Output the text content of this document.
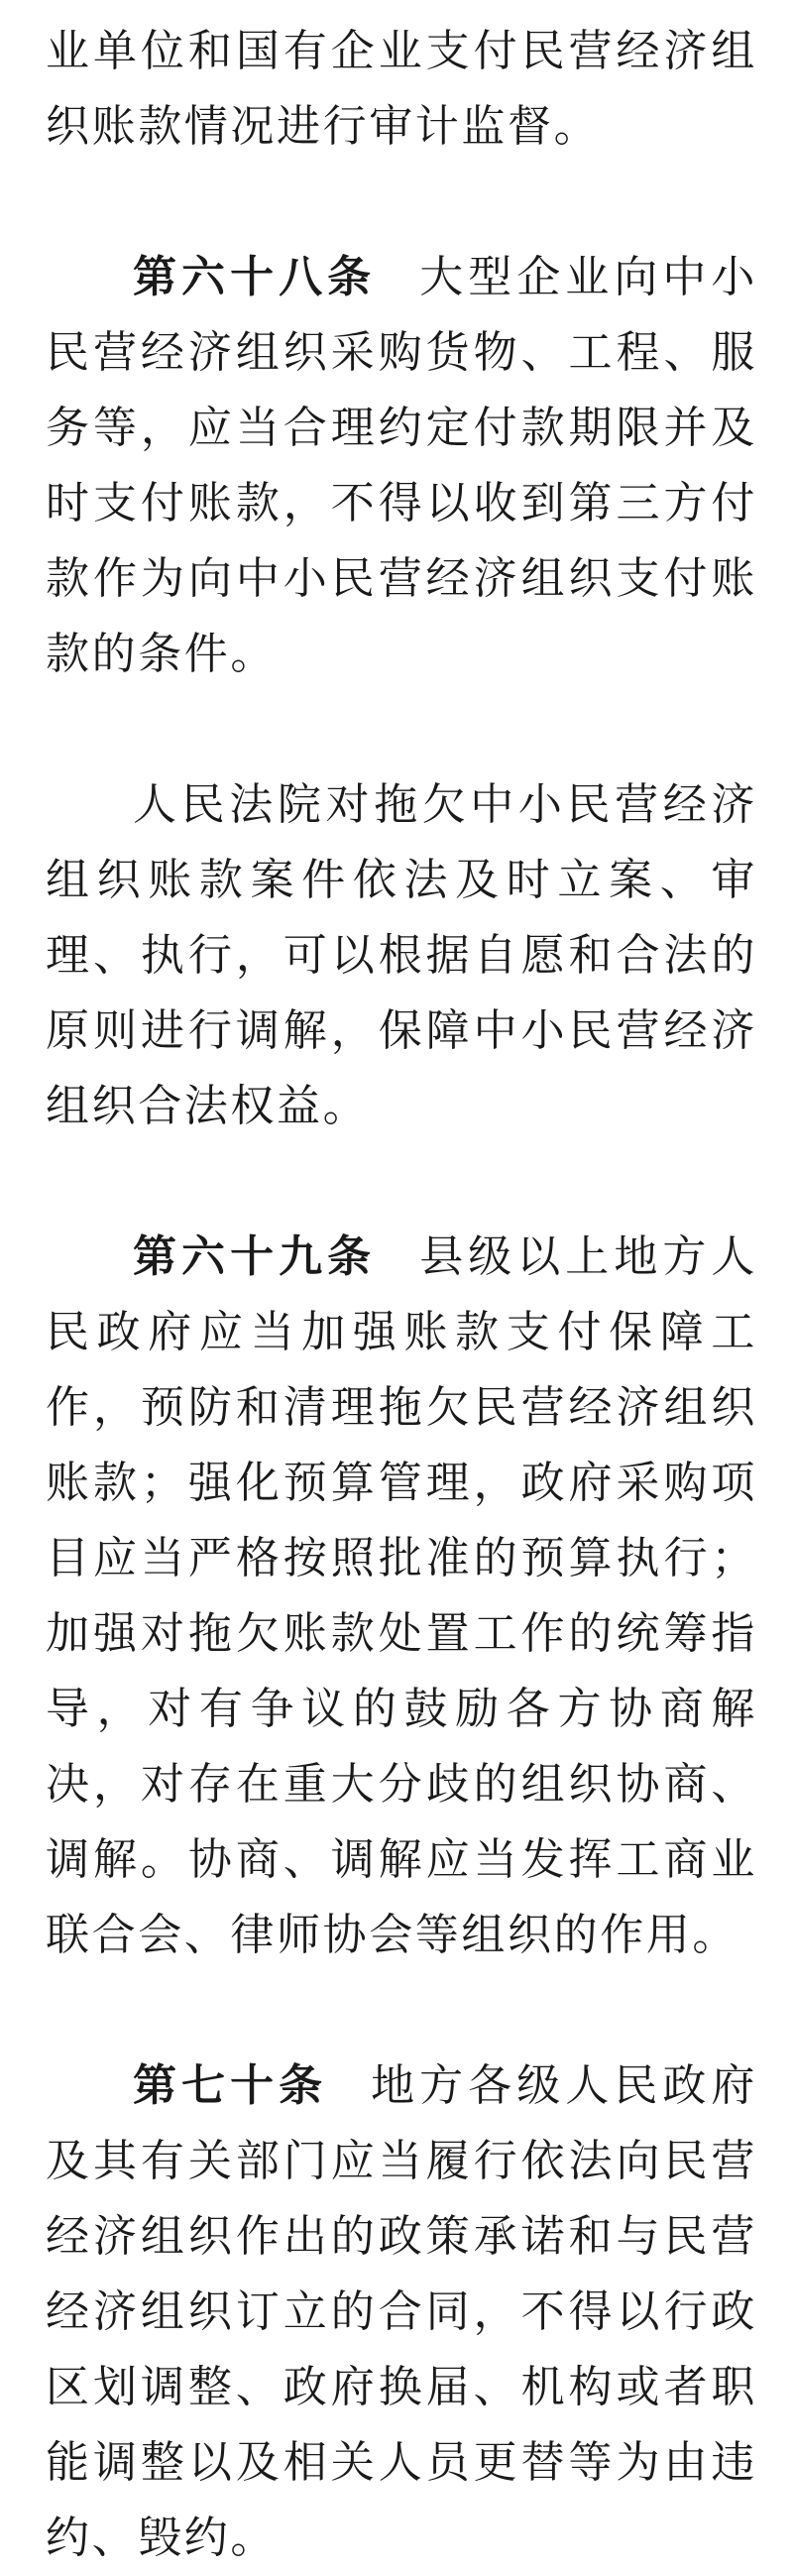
业单位和国有企业支付民营经济组织账款情况进行审计监督。

第六十八条 大型企业向中小民营经济组织采购货物、工程、服务等，应当合理约定付款期限并及时支付账款，不得以收到第三方付款作为向中小民营经济组织支付账款的条件。

人民法院对拖欠中小民营经济组织账款案件依法及时立案、审理、执行，可以根据自愿和合法的原则进行调解，保障中小民营经济组织合法权益。

第六十九条 县级以上地方人民政府应当加强账款支付保障工作，预防和清理拖欠民营经济组织账款；强化预算管理，政府采购项目应当严格按照批准的预算执行；加强对拖欠账款处置工作的统筹指导，对有争议的鼓励各方协商解决，对存在重大分歧的组织协商、调解。协商、调解应当发挥工商业联合会、律师协会等组织的作用。

第七十条 地方各级人民政府及其有关部门应当履行依法向民营经济组织作出的政策承诺和与民营经济组织订立的合同，不得以行政区划调整、政府换届、机构或者职能调整以及相关人员更替等为由违约、毁约。
